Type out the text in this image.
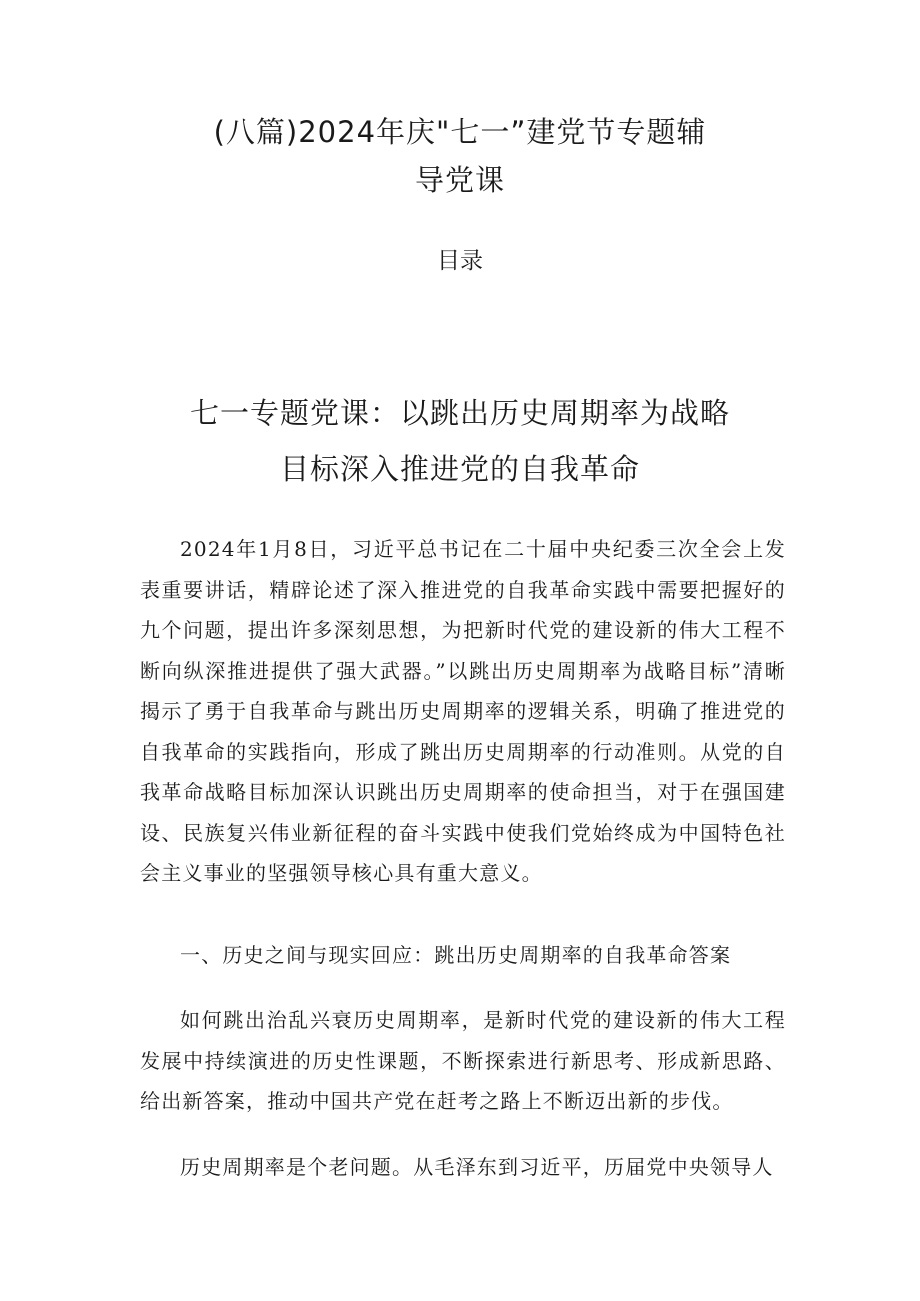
(八篇)2024年庆"七一”建党节专题辅
导党课
目录
七一专题党课：以跳出历史周期率为战略
目标深入推进党的自我革命

2024年1月8日，习近平总书记在二十届中央纪委三次全会上发表重要讲话，精辟论述了深入推进党的自我革命实践中需要把握好的九个问题，提出许多深刻思想，为把新时代党的建设新的伟大工程不断向纵深推进提供了强大武器。”以跳出历史周期率为战略目标”清晰揭示了勇于自我革命与跳出历史周期率的逻辑关系，明确了推进党的自我革命的实践指向，形成了跳出历史周期率的行动准则。从党的自我革命战略目标加深认识跳出历史周期率的使命担当，对于在强国建设、民族复兴伟业新征程的奋斗实践中使我们党始终成为中国特色社会主义事业的坚强领导核心具有重大意义。

一、历史之间与现实回应：跳出历史周期率的自我革命答案

如何跳出治乱兴衰历史周期率，是新时代党的建设新的伟大工程发展中持续演进的历史性课题，不断探索进行新思考、形成新思路、给出新答案，推动中国共产党在赶考之路上不断迈出新的步伐。

历史周期率是个老问题。从毛泽东到习近平，历届党中央领导人
